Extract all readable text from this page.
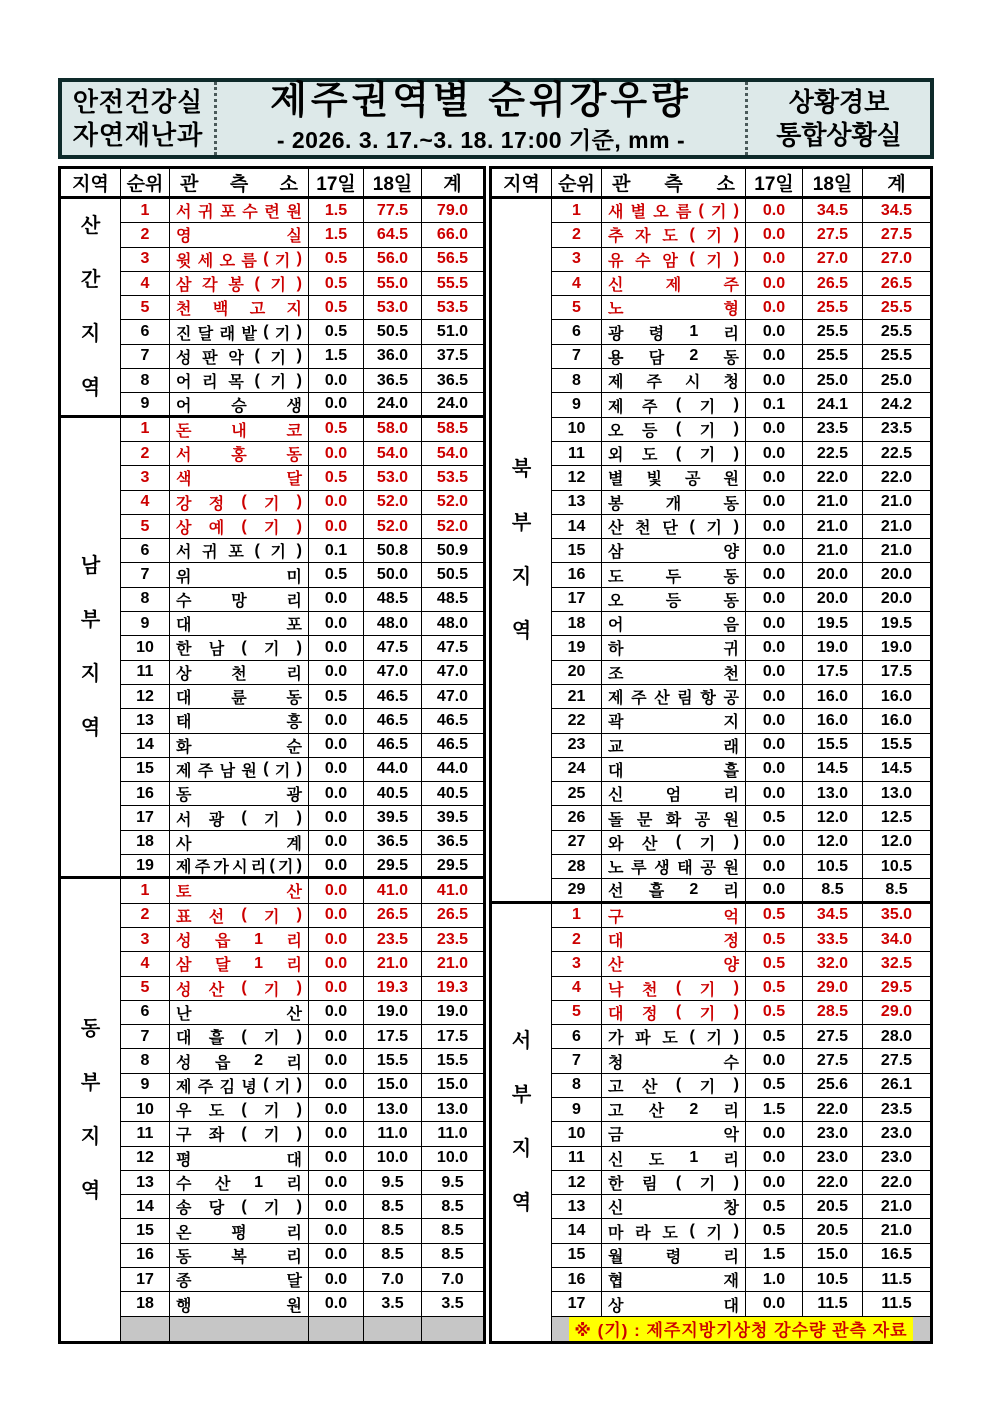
안전건강실
자연재난과
제주권역별 순위강우량
- 2026. 3. 17.~3. 18. 17:00 기준, mm -
상황경보
통합상황실
지역 순위 관 측 소 17일 18일	계
산
간
지
역
1	서 귀 포 수 련 원	1.5	77.5	79.0
2	영	실	1.5	64.5	66.0
3	윗 세 오 름 ( 기 )	0.5	56.0	56.5
4	삼 각 봉 ( 기 )	0.5	55.0	55.5
5	천 백 고 지	0.5	53.0	53.5
6	진 달 래 밭 ( 기 )	0.5	50.5	51.0
7	성 판 악 ( 기 )	1.5	36.0	37.5
8	어 리 목 ( 기 )	0.0	36.5	36.5
9	어 승 생	0.0	24.0	24.0
남
부
지
역
1	돈 내 코	0.5	58.0	58.5
2	서 홍 동	0.0	54.0	54.0
3	색	달	0.5	53.0	53.5
4	강 정 ( 기 )	0.0	52.0	52.0
5	상 예 ( 기 )	0.0	52.0	52.0
6	서 귀 포 ( 기 )	0.1	50.8	50.9
7	위	미	0.5	50.0	50.5
8	수 망 리	0.0	48.5	48.5
9	대	포	0.0	48.0	48.0
10	한 남 ( 기 )	0.0	47.5	47.5
11	상 천 리	0.0	47.0	47.0
12	대 륜 동	0.5	46.5	47.0
13	태	흥	0.0	46.5	46.5
14	화	순	0.0	46.5	46.5
15	제 주 남 원 ( 기 )	0.0	44.0	44.0
16	동	광	0.0	40.5	40.5
17	서 광 ( 기 )	0.0	39.5	39.5
18	사	계	0.0	36.5	36.5
19	제 주 가 시 리 ( 기 )	0.0	29.5	29.5
동
부
지
역
1	토	산	0.0	41.0	41.0
2	표 선 ( 기 )	0.0	26.5	26.5
3	성 읍 1 리	0.0	23.5	23.5
4	삼 달 1 리	0.0	21.0	21.0
5	성 산 ( 기 )	0.0	19.3	19.3
6	난	산	0.0	19.0	19.0
7	대 흘 ( 기 )	0.0	17.5	17.5
8	성 읍 2 리	0.0	15.5	15.5
9	제 주 김 녕 ( 기 )	0.0	15.0	15.0
10	우 도 ( 기 )	0.0	13.0	13.0
11	구 좌 ( 기 )	0.0	11.0	11.0
12	평	대	0.0	10.0	10.0
13	수 산 1 리	0.0	9.5	9.5
14	송 당 ( 기 )	0.0	8.5	8.5
15	온 평 리	0.0	8.5	8.5
16	동 복 리	0.0	8.5	8.5
17	종	달	0.0	7.0	7.0
18	행	원	0.0	3.5	3.5
지역 순위 관 측 소	17일	18일	계
북
부
지
역
1	새 별 오 름 ( 기 )	0.0	34.5	34.5
2	추 자 도 ( 기 )	0.0	27.5	27.5
3	유 수 암 ( 기 )	0.0	27.0	27.0
4	신	제	주	0.0	26.5	26.5
5	노	형	0.0	25.5	25.5
6	광 령 1 리	0.0	25.5	25.5
7	용 담 2 동	0.0	25.5	25.5
8	제 주 시 청	0.0	25.0	25.0
9	제 주 ( 기 )	0.1	24.1	24.2
10	오 등 ( 기 )	0.0	23.5	23.5
11	외 도 ( 기 )	0.0	22.5	22.5
12	별 빛 공 원	0.0	22.0	22.0
13	봉	개	동	0.0	21.0	21.0
14	산 천 단 ( 기 )	0.0	21.0	21.0
15	삼	양	0.0	21.0	21.0
16	도	두	동	0.0	20.0	20.0
17	오	등	동	0.0	20.0	20.0
18	어	음	0.0	19.5	19.5
19	하	귀	0.0	19.0	19.0
20	조	천	0.0	17.5	17.5
21	제 주 산 림 항 공	0.0	16.0	16.0
22	곽	지	0.0	16.0	16.0
23	교	래	0.0	15.5	15.5
24	대	흘	0.0	14.5	14.5
25	신	엄	리	0.0	13.0	13.0
26	돌 문 화 공 원	0.5	12.0	12.5
27	와 산 ( 기 )	0.0	12.0	12.0
28	노 루 생 태 공 원	0.0	10.5	10.5
29	선 흘 2 리	0.0	8.5	8.5
서
부
지
역
1	구	억	0.5	34.5	35.0
2	대	정	0.5	33.5	34.0
3	산	양	0.5	32.0	32.5
4	낙 천 ( 기 )	0.5	29.0	29.5
5	대 정 ( 기 )	0.5	28.5	29.0
6	가 파 도 ( 기 )	0.5	27.5	28.0
7	청	수	0.0	27.5	27.5
8	고 산 ( 기 )	0.5	25.6	26.1
9	고 산 2 리	1.5	22.0	23.5
10	금	악	0.0	23.0	23.0
11	신 도 1 리	0.0	23.0	23.0
12	한 림 ( 기 )	0.0	22.0	22.0
13	신	창	0.5	20.5	21.0
14	마 라 도 ( 기 )	0.5	20.5	21.0
15	월	령	리	1.5	15.0	16.5
16	협	재	1.0	10.5	11.5
17	상	대	0.0	11.5	11.5
※ (기) : 제주지방기상청 강수량 관측 자료
